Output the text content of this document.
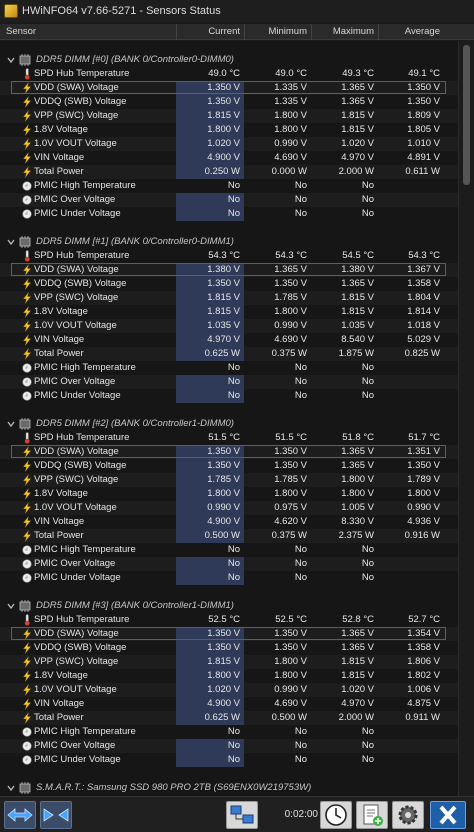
HWiNFO64 v7.66-5271 - Sensors Status
Sensor	Current	Minimum	Maximum	Average
DDR5 DIMM [#0] (BANK 0/Controller0-DIMM0)
SPD Hub Temperature	49.0 °C	49.0 °C	49.3 °C	49.1 °C
VDD (SWA) Voltage	1.350 V	1.335 V	1.365 V	1.350 V
VDDQ (SWB) Voltage	1.350 V	1.335 V	1.365 V	1.350 V
VPP (SWC) Voltage	1.815 V	1.800 V	1.815 V	1.809 V
1.8V Voltage	1.800 V	1.800 V	1.815 V	1.805 V
1.0V VOUT Voltage	1.020 V	0.990 V	1.020 V	1.010 V
VIN Voltage	4.900 V	4.690 V	4.970 V	4.891 V
Total Power	0.250 W	0.000 W	2.000 W	0.611 W
PMIC High Temperature	No	No	No
PMIC Over Voltage	No	No	No
PMIC Under Voltage	No	No	No
DDR5 DIMM [#1] (BANK 0/Controller0-DIMM1)
SPD Hub Temperature	54.3 °C	54.3 °C	54.5 °C	54.3 °C
VDD (SWA) Voltage	1.380 V	1.365 V	1.380 V	1.367 V
VDDQ (SWB) Voltage	1.350 V	1.350 V	1.365 V	1.358 V
VPP (SWC) Voltage	1.815 V	1.785 V	1.815 V	1.804 V
1.8V Voltage	1.815 V	1.800 V	1.815 V	1.814 V
1.0V VOUT Voltage	1.035 V	0.990 V	1.035 V	1.018 V
VIN Voltage	4.970 V	4.690 V	8.540 V	5.029 V
Total Power	0.625 W	0.375 W	1.875 W	0.825 W
PMIC High Temperature	No	No	No
PMIC Over Voltage	No	No	No
PMIC Under Voltage	No	No	No
DDR5 DIMM [#2] (BANK 0/Controller1-DIMM0)
SPD Hub Temperature	51.5 °C	51.5 °C	51.8 °C	51.7 °C
VDD (SWA) Voltage	1.350 V	1.350 V	1.365 V	1.351 V
VDDQ (SWB) Voltage	1.350 V	1.350 V	1.365 V	1.350 V
VPP (SWC) Voltage	1.785 V	1.785 V	1.800 V	1.789 V
1.8V Voltage	1.800 V	1.800 V	1.800 V	1.800 V
1.0V VOUT Voltage	0.990 V	0.975 V	1.005 V	0.990 V
VIN Voltage	4.900 V	4.620 V	8.330 V	4.936 V
Total Power	0.500 W	0.375 W	2.375 W	0.916 W
PMIC High Temperature	No	No	No
PMIC Over Voltage	No	No	No
PMIC Under Voltage	No	No	No
DDR5 DIMM [#3] (BANK 0/Controller1-DIMM1)
SPD Hub Temperature	52.5 °C	52.5 °C	52.8 °C	52.7 °C
VDD (SWA) Voltage	1.350 V	1.350 V	1.365 V	1.354 V
VDDQ (SWB) Voltage	1.350 V	1.350 V	1.365 V	1.358 V
VPP (SWC) Voltage	1.815 V	1.800 V	1.815 V	1.806 V
1.8V Voltage	1.800 V	1.800 V	1.815 V	1.802 V
1.0V VOUT Voltage	1.020 V	0.990 V	1.020 V	1.006 V
VIN Voltage	4.900 V	4.690 V	4.970 V	4.875 V
Total Power	0.625 W	0.500 W	2.000 W	0.911 W
PMIC High Temperature	No	No	No
PMIC Over Voltage	No	No	No
PMIC Under Voltage	No	No	No
S.M.A.R.T.: Samsung SSD 980 PRO 2TB (S69ENX0W219753W)
0:02:00
